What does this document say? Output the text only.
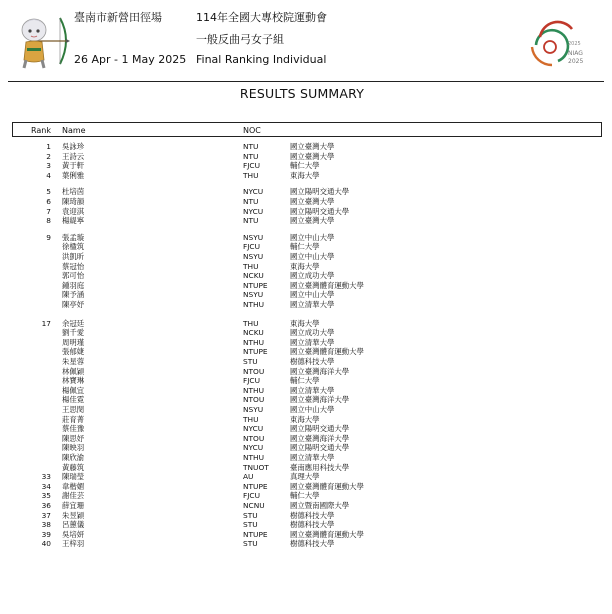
臺南市新營田徑場
26 Apr - 1 May 2025
114年全國大專校院運動會
一般反曲弓女子組
Final Ranking Individual
2025
NIAG
2025
RESULTS SUMMARY
Rank Name	NOC
1 吳詠珍	NTU	國立臺灣大學
2 王詩云	NTU	國立臺灣大學
3 黃于軒	FJCU	輔仁大學
4 葉俐雅	THU	東海大學
5 杜培茵	NYCU	國立陽明交通大學
6 陳琦韻	NTU	國立臺灣大學
7 袁迎淇	NYCU	國立陽明交通大學
8 楊緹寧	NTU	國立臺灣大學
9 張孟璇	NSYU	國立中山大學
徐楹筑	FJCU	輔仁大學
洪凱昕	NSYU	國立中山大學
蔡冠怡	THU	東海大學
郭可怡	NCKU	國立成功大學
鍾羽庭	NTUPE	國立臺灣體育運動大學
陳予涵	NSYU	國立中山大學
陳亭妤	NTHU	國立清華大學
17 余冠廷	THU	東海大學
劉千愛	NCKU	國立成功大學
周明瑾	NTHU	國立清華大學
張郁婕	NTUPE	國立臺灣體育運動大學
朱星蓉	STU	樹德科技大學
林佩穎	NTOU	國立臺灣海洋大學
林寶琳	FJCU	輔仁大學
楊佩宜	NTHU	國立清華大學
楊佳霓	NTOU	國立臺灣海洋大學
王思閔	NSYU	國立中山大學
莊育菁	THU	東海大學
蔡佳豫	NYCU	國立陽明交通大學
陳思妤	NTOU	國立臺灣海洋大學
陳映羽	NYCU	國立陽明交通大學
陳欣渝	NTHU	國立清華大學
黃藤筑	TNUOT	臺南應用科技大學
33 陳瑞瑩	AU	真理大學
34 韋楷媚	NTUPE	國立臺灣體育運動大學
35 謝佳芸	FJCU	輔仁大學
36 薛宜珊	NCNU	國立暨南國際大學
37 朱昱穎	STU	樹德科技大學
38 呂蕙儀	STU	樹德科技大學
39 吳培妍	NTUPE	國立臺灣體育運動大學
40 王梓羽	STU	樹德科技大學
